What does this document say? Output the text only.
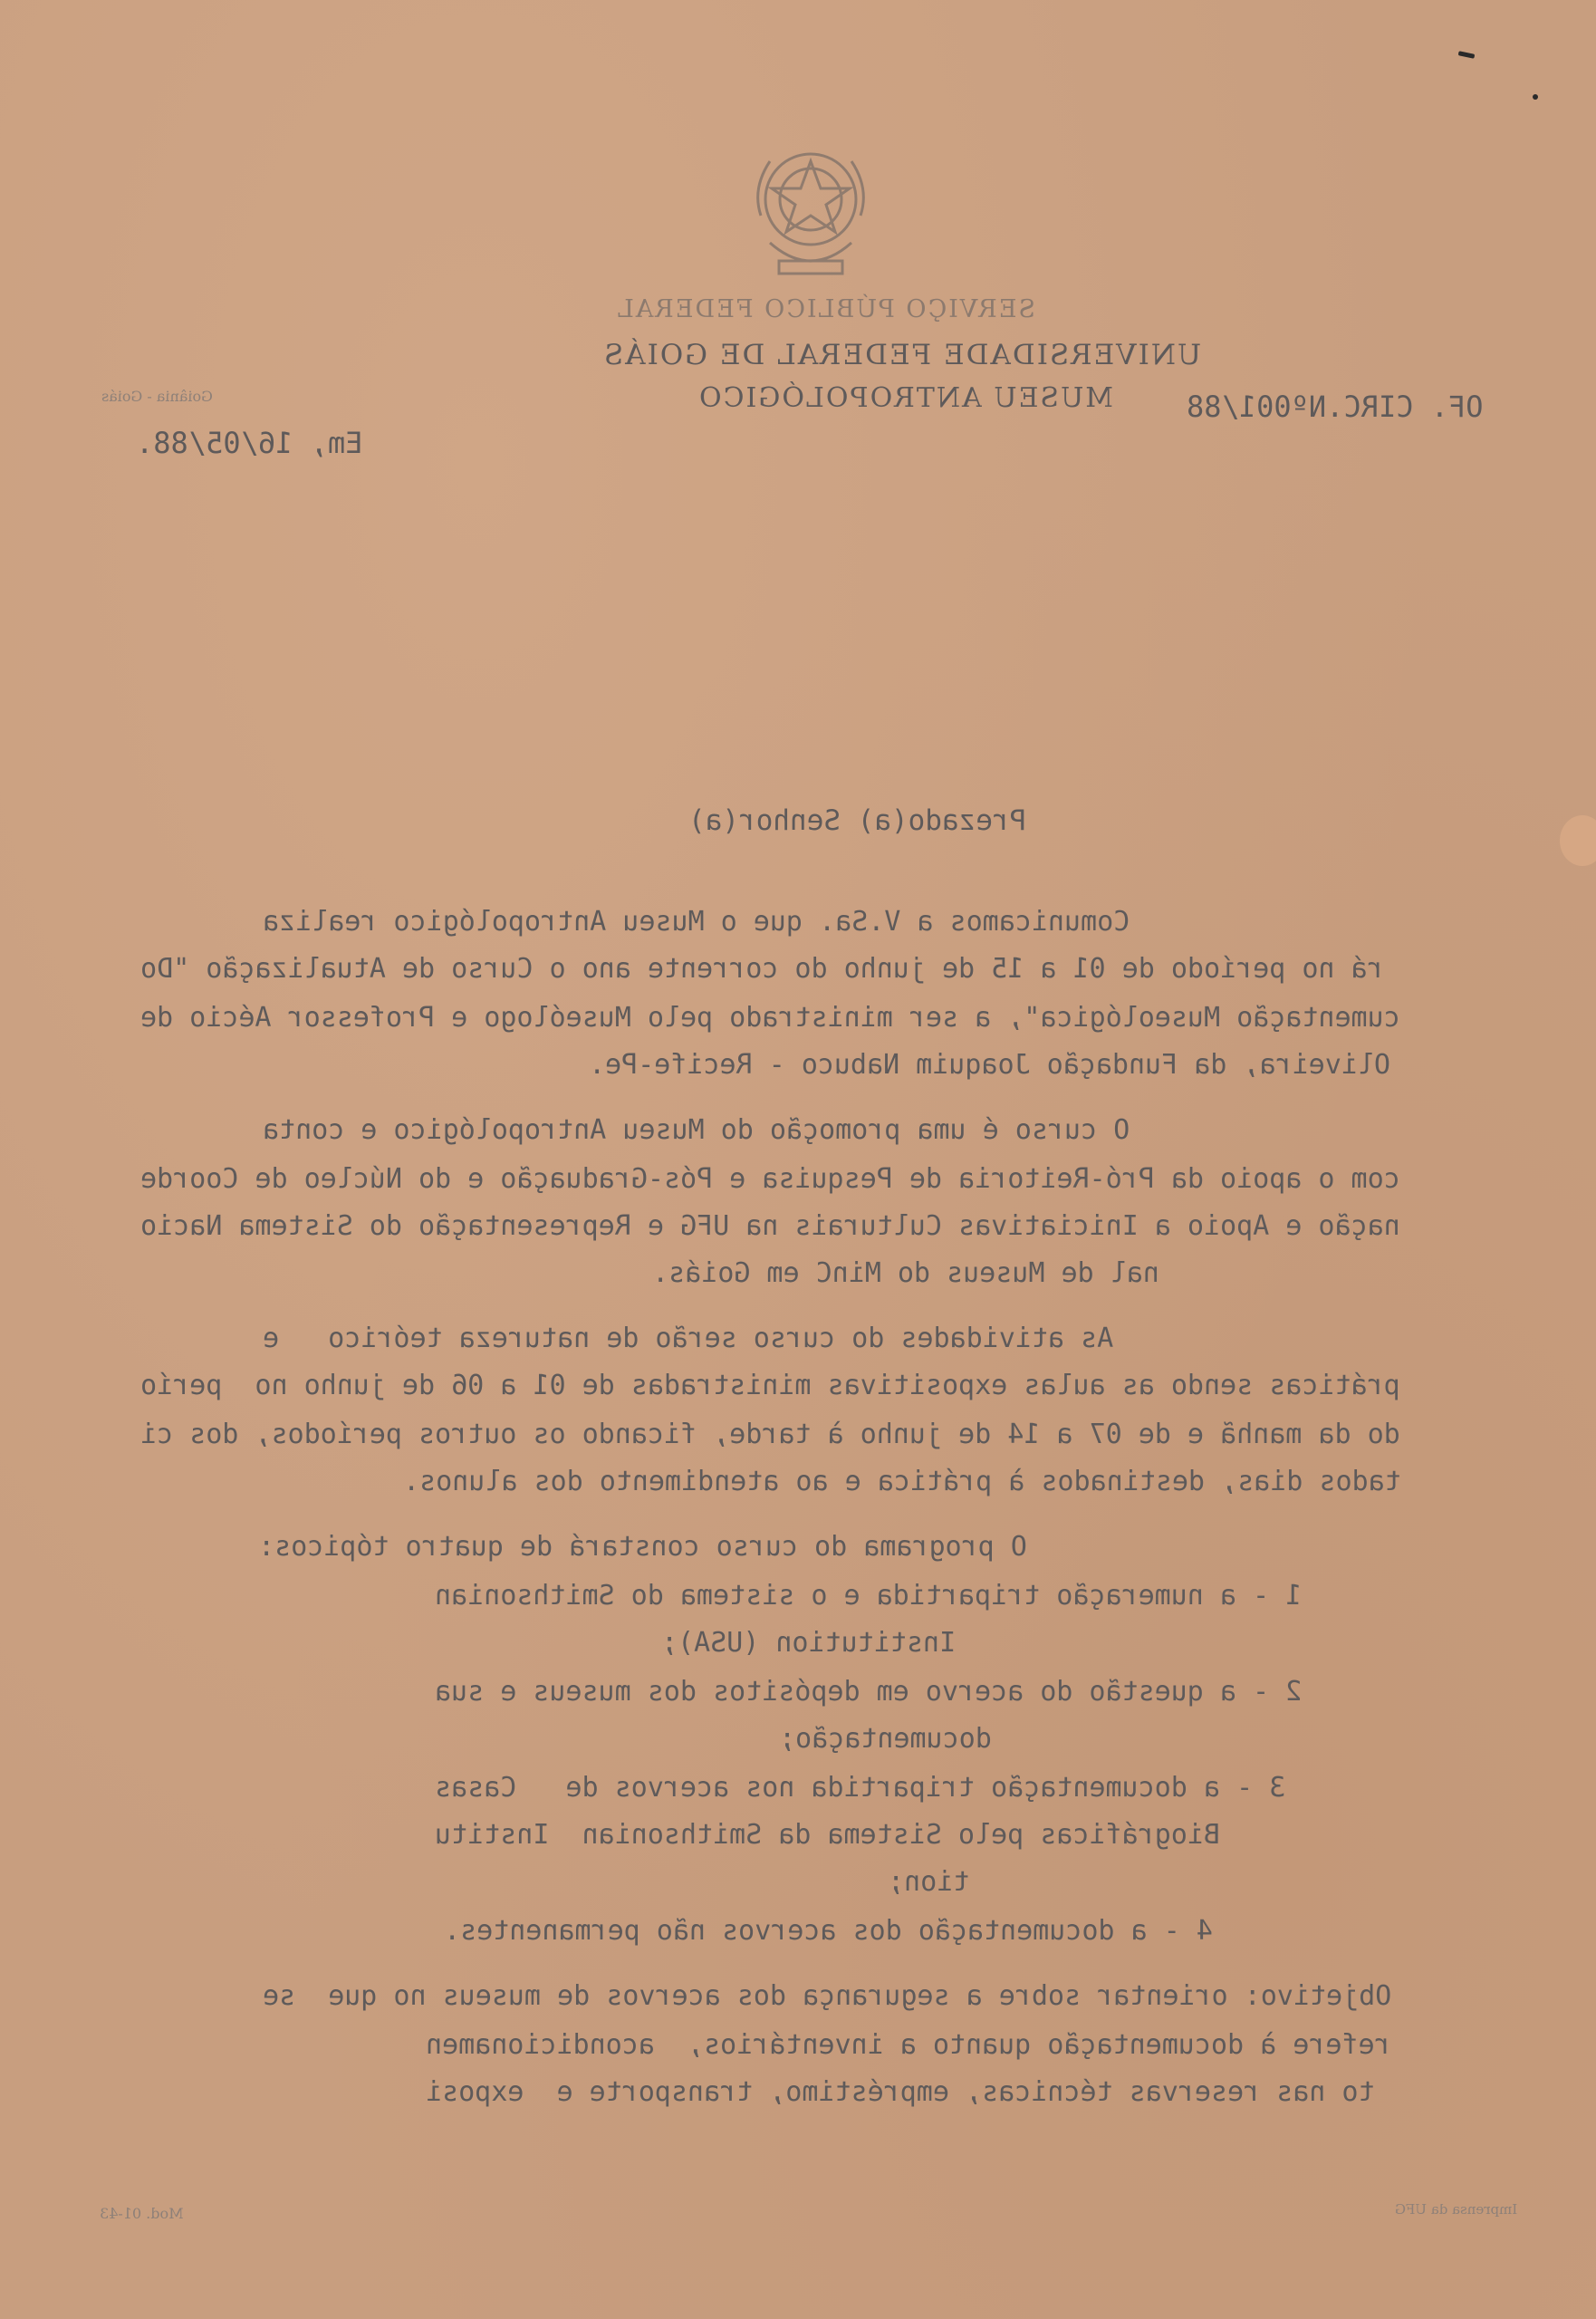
SERVIÇO PÚBLICO FEDERAL
UNIVERSIDADE FEDERAL DE GOIÁS
MUSEU ANTROPOLÓGICO	OF. CIRC.Nº001/88
Goiânia - Goiás
Em, 16/05/88.
Prezado(a) Senhor(a)
Comunicamos a V.Sa. que o Museu Antropológico realiza
rá no período de 01 a 15 de junho do corrente ano o Curso de Atualização "Do
cumentação Museológica", a ser ministrado pelo Museólogo e Professor Aécio de
Oliveira, da Fundação Joaquim Nabuco - Recife-Pe.
O curso é uma promoção do Museu Antropológico e conta
com o apoio da Pró-Reitoria de Pesquisa e Pós-Graduação e do Núcleo de Coorde
nação e Apoio a Iniciativas Culturais na UFG e Representação do Sistema Nacio
nal de Museus do MinC em Goiás.
As atividades do curso serão de natureza teórico   e
práticas sendo as aulas expositivas ministradas de 01 a 06 de junho no  perío
do da manhã e de 07 a 14 de junho à tarde, ficando os outros períodos, dos ci
tados dias, destinados à prática e ao atendimento dos alunos.
O programa do curso constará de quatro tópicos:
1 - a numeração tripartida e o sistema do Smithsonian
Institution (USA);
2 - a questão do acervo em depósitos dos museus e sua
documentação;
3 - a documentação tripartida nos acervos de   Casas
Biográficas pelo Sistema da Smithsonian  Institu
tion;
4 - a documentação dos acervos não permanentes.
Objetivo: orientar sobre a segurança dos acervos de museus no que  se
refere à documentação quanto a inventários,  acondicionamen
to nas reservas técnicas, empréstimo, transporte e  exposi
Imprensa da UFG
Mod. 01-43
